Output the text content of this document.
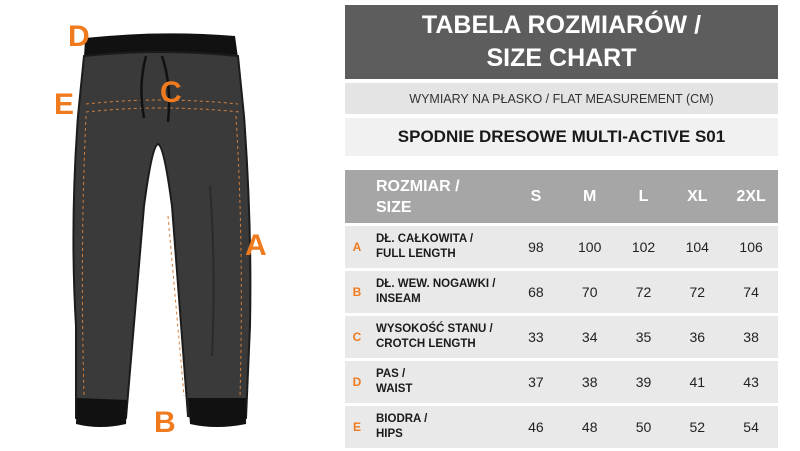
D
E	C
A
B
TABELA ROZMIARÓW /
SIZE CHART
WYMIARY NA PŁASKO / FLAT MEASUREMENT (CM)
SPODNIE DRESOWE MULTI-ACTIVE S01

	ROZMIAR /
SIZE	S	M	L	XL	2XL
A	DŁ. CAŁKOWITA /
FULL LENGTH	98	100	102	104	106
B	DŁ. WEW. NOGAWKI /
INSEAM	68	70	72	72	74
C	WYSOKOŚĆ STANU /
CROTCH LENGTH	33	34	35	36	38
D	PAS /
WAIST	37	38	39	41	43
E	BIODRA /
HIPS	46	48	50	52	54
